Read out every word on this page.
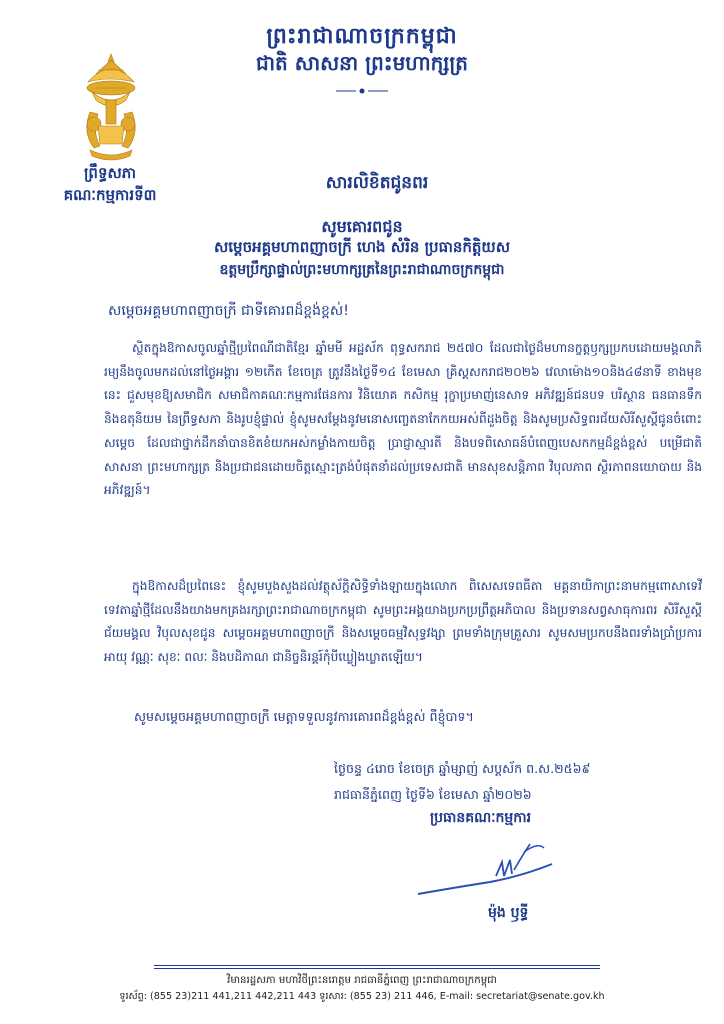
ព្រះរាជាណាចក្រកម្ពុជា
ជាតិ សាសនា ព្រះមហាក្សត្រ
ព្រឹទ្ធសភា
គណៈកម្មការទី៣
សារលិខិតជូនពរ
សូមគោរពជូន
សម្តេចអគ្គមហាពញាចក្រី ហេង សំរិន ប្រធានកិត្តិយស
ឧត្តមប្រឹក្សាផ្ទាល់ព្រះមហាក្សត្រនៃព្រះរាជាណាចក្រកម្ពុជា
សម្តេចអគ្គមហាពញាចក្រី ជាទីគោរពដ៏ខ្ពង់ខ្ពស់!
ស្ថិតក្នុងឱកាសចូលឆ្នាំថ្មីប្រពៃណីជាតិខ្មែរ ឆ្នាំមមី អដ្ឋស័ក ពុទ្ធសករាជ ២៥៧០ ដែលជាថ្ងៃដ៏មហានក្ខត្តឫក្សប្រកបដោយមង្គលាភិរម្យនឹងចូលមកដល់នៅថ្ងៃអង្គារ ១២កើត ខែចេត្រ ត្រូវនឹងថ្ងៃទី១៤ ខែមេសា គ្រិស្តសករាជ២០២៦ វេលាម៉ោង១០និង៤៨នាទី ខាងមុខនេះ ជួសមុខឱ្យសមាជិក សមាជិកាគណៈកម្មការផែនការ វិនិយោគ កសិកម្ម រុក្ខាប្រមាញ់នេសាទ អភិវឌ្ឍន៍ជនបទ បរិស្ថាន ធនធានទឹក និងឧតុនិយម នៃព្រឹទ្ធសភា និងរូបខ្ញុំផ្ទាល់ ខ្ញុំសូមសម្តែងនូវមនោសញ្ចេតនាកែកយអស់ពីដួងចិត្ត និងសូមប្រសិទ្ធពរជ័យសិរីសួស្តីជូនចំពោះសម្តេច ដែលជាថ្នាក់ដឹកនាំបានខិតខំយកអស់កម្លាំងកាយចិត្ត ប្រាជ្ញាស្មារតី និងបទពិសោធន៍បំពេញបេសកកម្មដ៏ខ្ពង់ខ្ពស់ បម្រើជាតិ សាសនា ព្រះមហាក្សត្រ និងប្រជាជនដោយចិត្តស្មោះត្រង់បំផុតនាំដល់ប្រទេសជាតិ មានសុខសន្តិភាព វិបុលភាព ស្ថិរភាពនយោបាយ និងអភិវឌ្ឍន៍។
ក្នុងឱកាសដ៏ប្រពៃនេះ ខ្ញុំសូមបួងសួងដល់វត្ថុស័ក្តិសិទ្ធិទាំងឡាយក្នុងលោក ពិសេសទេពធីតា មគ្គនាយិកាព្រះនាមកម្មពោសាទេវី ទេវតាឆ្នាំថ្មីដែលនឹងយាងមកគ្រងរក្សាព្រះរាជាណាចក្រកម្ពុជា សូមព្រះអង្គយាងប្រកប្រព្រឹត្តអភិបាល និងប្រទានសព្វសាធុការពរ សិរីសួស្តី ជ័យមង្គល វិបុលសុខជូន សម្តេចអគ្គមហាពញាចក្រី និងសម្តេចធម្មវិសុទ្ធវង្សា ព្រមទាំងក្រុមគ្រួសារ សូមសមប្រកបនឹងពរទាំងប្រាំប្រការ អាយុ វណ្ណៈ សុខៈ ពលៈ និងបដិភាណ ជានិច្ចនិរន្តរ៍កុំបីឃ្លៀងឃ្លាតឡើយ។
សូមសម្តេចអគ្គមហាពញាចក្រី មេត្តាទទួលនូវការគោរពដ៏ខ្ពង់ខ្ពស់ ពីខ្ញុំបាទ។
ថ្ងៃចន្ទ ៤រោច ខែចេត្រ ឆ្នាំម្សាញ់ សប្តស័ក ព.ស.២៥៦៩
រាជធានីភ្នំពេញ ថ្ងៃទី៦ ខែមេសា ឆ្នាំ២០២៦
ប្រធានគណៈកម្មការ
ម៉ុង ឫទ្ធី
វិមានរដ្ឋសភា មហាវិថីព្រះនរោត្តម រាជធានីភ្នំពេញ ព្រះរាជាណាចក្រកម្ពុជា
ទូរស័ព្ទ: (855 23)211 441,211 442,211 443 ទូរសារ: (855 23) 211 446, E-mail: secretariat@senate.gov.kh
